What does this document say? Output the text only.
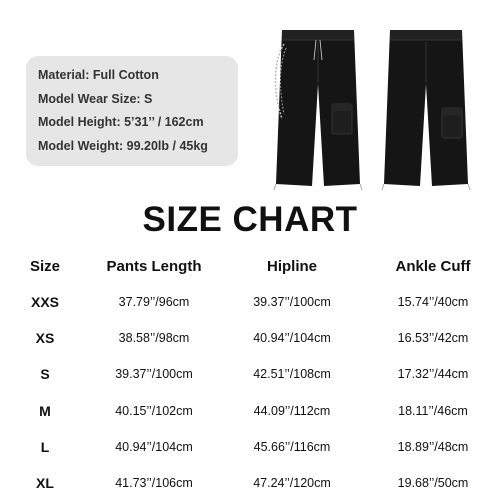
Material: Full Cotton
Model Wear Size: S
Model Height: 5’31’’ / 162cm
Model Weight: 99.20lb / 45kg
SIZE CHART
Size	Pants Length	Hipline	Ankle Cuff
XXS	37.79’’/96cm	39.37’’/100cm	15.74’’/40cm
XS	38.58’’/98cm	40.94’’/104cm	16.53’’/42cm
S	39.37’’/100cm	42.51’’/108cm	17.32’’/44cm
M	40.15’’/102cm	44.09’’/112cm	18.11’’/46cm
L	40.94’’/104cm	45.66’’/116cm	18.89’’/48cm
XL	41.73’’/106cm	47.24’’/120cm	19.68’’/50cm
